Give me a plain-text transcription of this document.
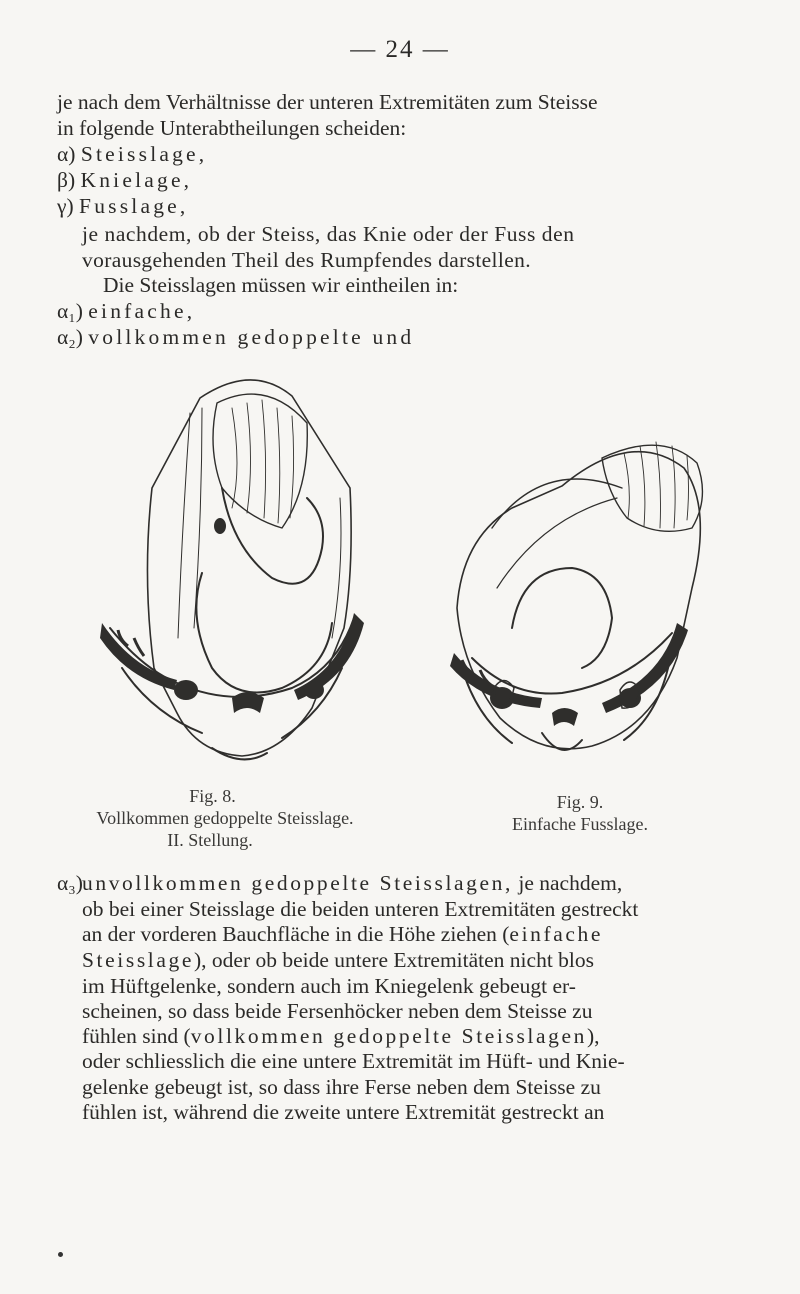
— 24 —
je nach dem Verhältnisse der unteren Extremitäten zum Steisse
in folgende Unterabtheilungen scheiden:
α) Steisslage,
β) Knielage,
γ) Fusslage,
je nachdem, ob der Steiss, das Knie oder der Fuss den
vorausgehenden Theil des Rumpfendes darstellen.
Die Steisslagen müssen wir eintheilen in:
α₁) einfache,
α₂) vollkommen gedoppelte und
Fig. 8.
Vollkommen gedoppelte Steisslage.
II. Stellung.
Fig. 9.
Einfache Fusslage.
α₃) unvollkommen gedoppelte Steisslagen, je nachdem,
ob bei einer Steisslage die beiden unteren Extremitäten gestreckt
an der vorderen Bauchfläche in die Höhe ziehen (einfache
Steisslage), oder ob beide untere Extremitäten nicht blos
im Hüftgelenke, sondern auch im Kniegelenk gebeugt er-
scheinen, so dass beide Fersenhöcker neben dem Steisse zu
fühlen sind (vollkommen gedoppelte Steisslagen),
oder schliesslich die eine untere Extremität im Hüft- und Knie-
gelenke gebeugt ist, so dass ihre Ferse neben dem Steisse zu
fühlen ist, während die zweite untere Extremität gestreckt an
